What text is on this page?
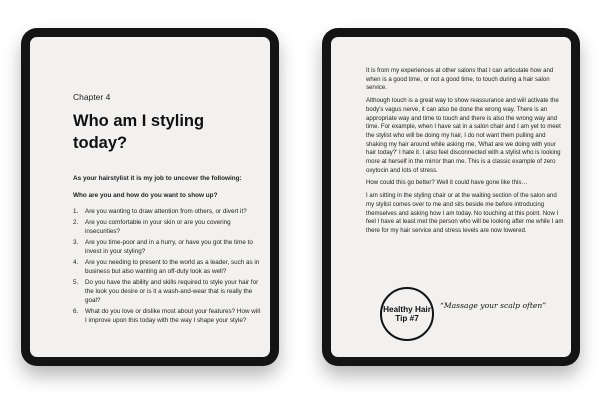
Chapter 4
Who am I styling today?
As your hairstylist it is my job to uncover the following:
Who are you and how do you want to show up?
1. Are you wanting to draw attention from others, or divert it?
2. Are you comfortable in your skin or are you covering insecurities?
3. Are you time-poor and in a hurry, or have you got the time to invest in your styling?
4. Are you needing to present to the world as a leader, such as in business but also wanting an off-duty look as well?
5. Do you have the ability and skills required to style your hair for the look you desire or is it a wash-and-wear that is really the goal?
6. What do you love or dislike most about your features? How will I improve upon this today with the way I shape your style?

It is from my experiences at other salons that I can articulate how and when is a good time, or not a good time, to touch during a hair salon service.

Although touch is a great way to show reassurance and will activate the body's vagus nerve, it can also be done the wrong way. There is an appropriate way and time to touch and there is also the wrong way and time. For example, when I have sat in a salon chair and I am yet to meet the stylist who will be doing my hair, I do not want them pulling and shaking my hair around while asking me, 'What are we doing with your hair today?' I hate it. I also feel disconnected with a stylist who is looking more at herself in the mirror than me. This is a classic example of zero oxytocin and lots of stress.

How could this go better? Well it could have gone like this…

I am sitting in the styling chair or at the waiting section of the salon and my stylist comes over to me and sits beside me before introducing themselves and asking how I am today. No touching at this point. Now I feel I have at least met the person who will be looking after me while I am there for my hair service and stress levels are now lowered.

Healthy Hair Tip #7
“Massage your scalp often”
